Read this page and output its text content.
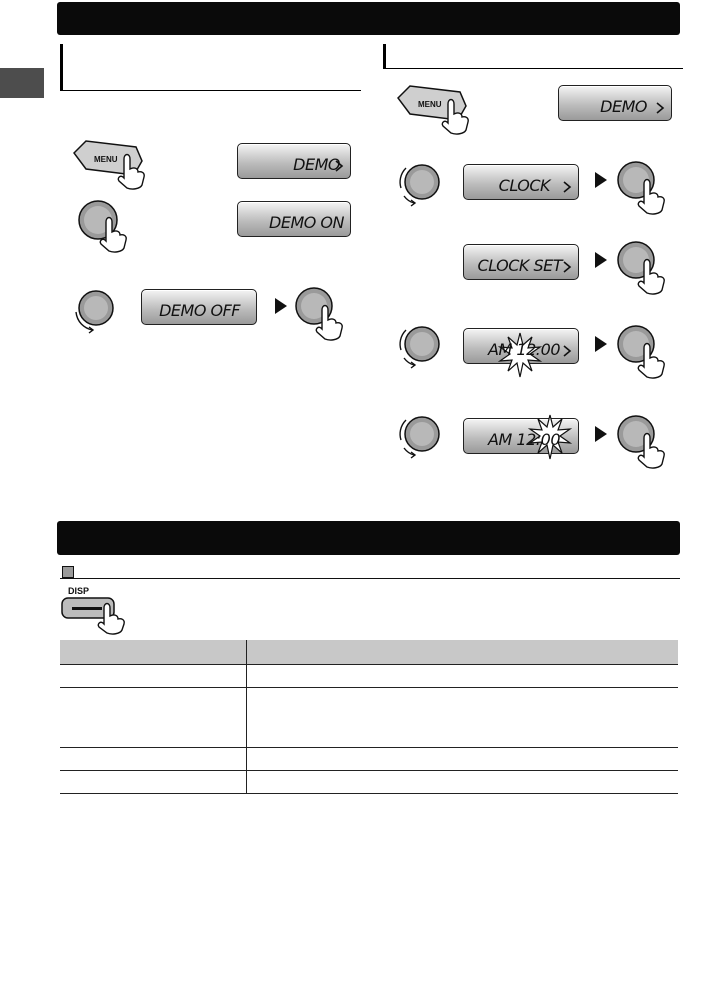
MENU	DEMO
DEMO ON
DEMO OFF
MENU	DEMO
CLOCK
CLOCK SET
AM 12:00
AM 12:00
DISP
